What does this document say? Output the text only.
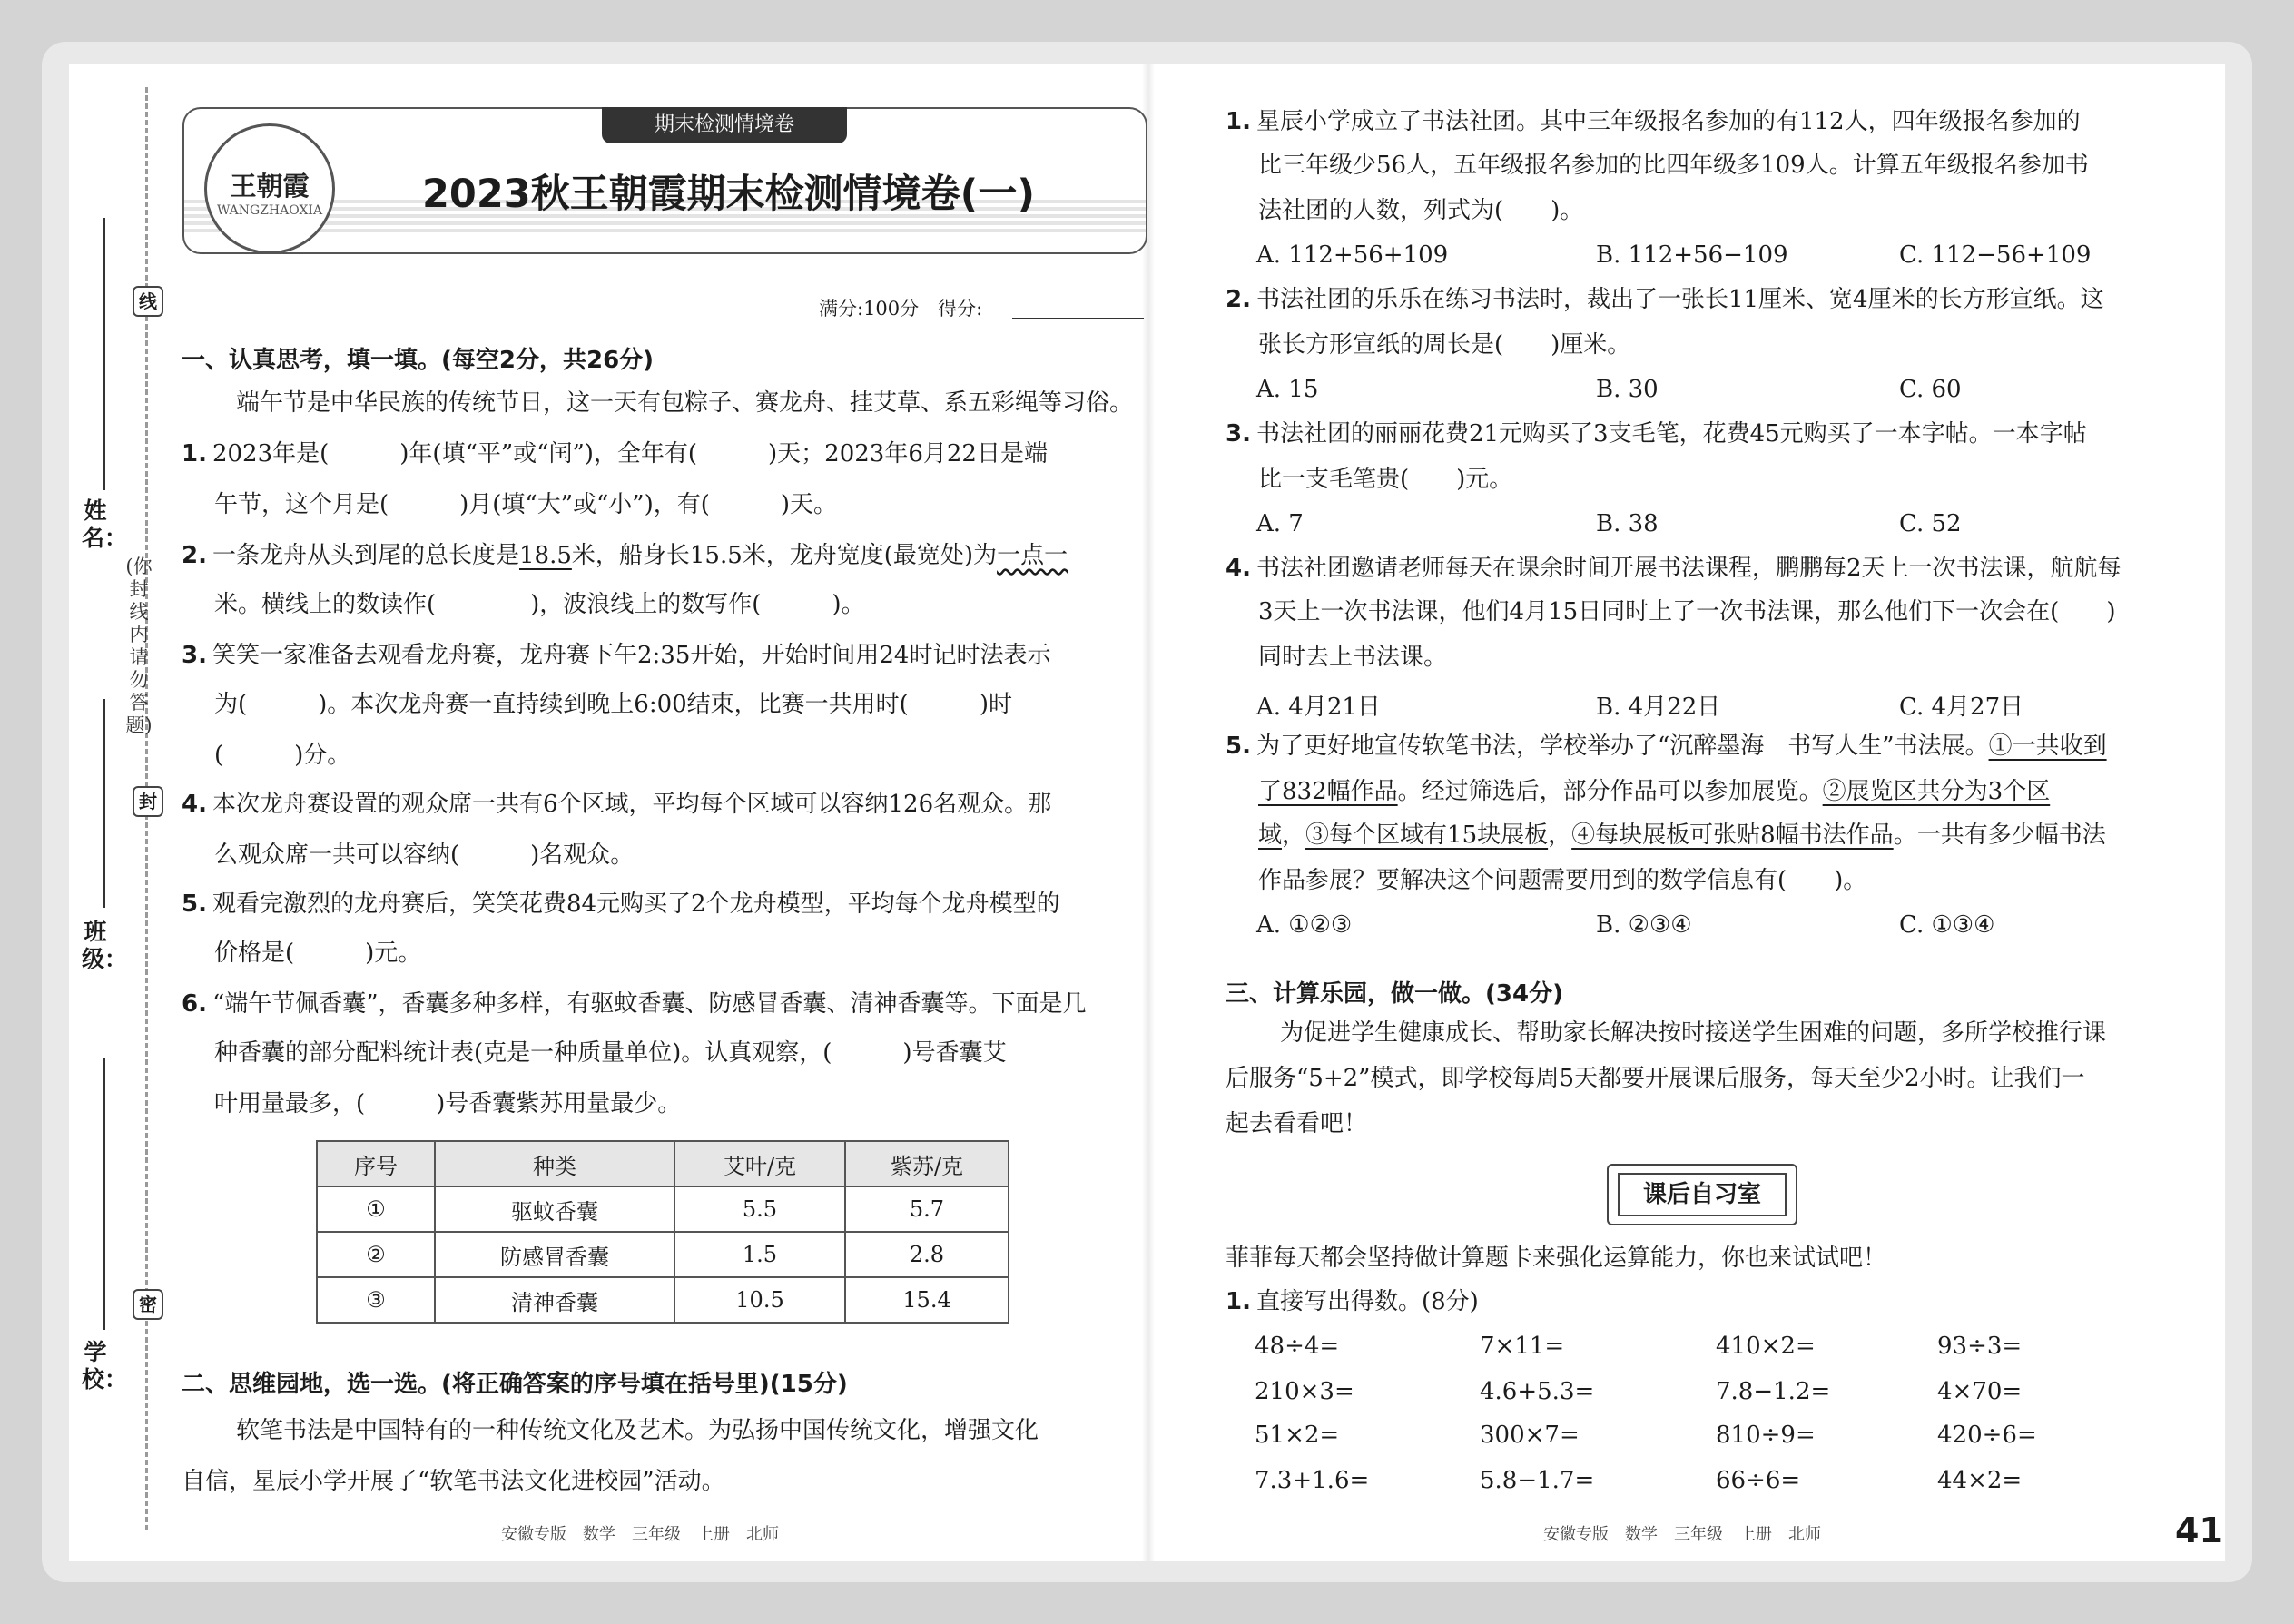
姓名：
班级：
学校：
线
封
密
(你封线内请勿答题)
期末检测情境卷
王朝霞
WANGZHAOXIA	2023秋王朝霞期末检测情境卷(一)
满分:100分　得分:
一、认真思考，填一填。(每空2分，共26分)
端午节是中华民族的传统节日，这一天有包粽子、赛龙舟、挂艾草、系五彩绳等习俗。
1. 2023年是(　　　)年(填“平”或“闰”)，全年有(　　　)天；2023年6月22日是端
午节，这个月是(　　　)月(填“大”或“小”)，有(　　　)天。
2. 一条龙舟从头到尾的总长度是18.5米，船身长15.5米，龙舟宽度(最宽处)为一点一
米。横线上的数读作(　　　　)，波浪线上的数写作(　　　)。
3. 笑笑一家准备去观看龙舟赛，龙舟赛下午2:35开始，开始时间用24时记时法表示
为(　　　)。本次龙舟赛一直持续到晚上6:00结束，比赛一共用时(　　　)时
(　　　)分。
4. 本次龙舟赛设置的观众席一共有6个区域，平均每个区域可以容纳126名观众。那
么观众席一共可以容纳(　　　)名观众。
5. 观看完激烈的龙舟赛后，笑笑花费84元购买了2个龙舟模型，平均每个龙舟模型的
价格是(　　　)元。
6. “端午节佩香囊”，香囊多种多样，有驱蚊香囊、防感冒香囊、清神香囊等。下面是几
种香囊的部分配料统计表(克是一种质量单位)。认真观察，(　　　)号香囊艾
叶用量最多，(　　　)号香囊紫苏用量最少。
序号	种类	艾叶/克	紫苏/克
①	驱蚊香囊	5.5	5.7
②	防感冒香囊	1.5	2.8
③	清神香囊	10.5	15.4
二、思维园地，选一选。(将正确答案的序号填在括号里)(15分)
软笔书法是中国特有的一种传统文化及艺术。为弘扬中国传统文化，增强文化
自信，星辰小学开展了“软笔书法文化进校园”活动。
1. 星辰小学成立了书法社团。其中三年级报名参加的有112人，四年级报名参加的
比三年级少56人，五年级报名参加的比四年级多109人。计算五年级报名参加书
法社团的人数，列式为(　　)。
A. 112+56+109	B. 112+56−109	C. 112−56+109
2. 书法社团的乐乐在练习书法时，裁出了一张长11厘米、宽4厘米的长方形宣纸。这
张长方形宣纸的周长是(　　)厘米。
A. 15	B. 30	C. 60
3. 书法社团的丽丽花费21元购买了3支毛笔，花费45元购买了一本字帖。一本字帖
比一支毛笔贵(　　)元。
A. 7	B. 38	C. 52
4. 书法社团邀请老师每天在课余时间开展书法课程，鹏鹏每2天上一次书法课，航航每
3天上一次书法课，他们4月15日同时上了一次书法课，那么他们下一次会在(　　)
同时去上书法课。
A. 4月21日	B. 4月22日	C. 4月27日
5. 为了更好地宣传软笔书法，学校举办了“沉醉墨海　书写人生”书法展。①一共收到
了832幅作品。经过筛选后，部分作品可以参加展览。②展览区共分为3个区
域，③每个区域有15块展板，④每块展板可张贴8幅书法作品。一共有多少幅书法
作品参展？要解决这个问题需要用到的数学信息有(　　)。
A. ①②③	B. ②③④	C. ①③④
三、计算乐园，做一做。(34分)
为促进学生健康成长、帮助家长解决按时接送学生困难的问题，多所学校推行课
后服务“5+2”模式，即学校每周5天都要开展课后服务，每天至少2小时。让我们一
起去看看吧！
课后自习室
菲菲每天都会坚持做计算题卡来强化运算能力，你也来试试吧！
1. 直接写出得数。(8分)
48÷4=	7×11=	410×2=	93÷3=
210×3=	4.6+5.3=	7.8−1.2=	4×70=
51×2=	300×7=	810÷9=	420÷6=
7.3+1.6=	5.8−1.7=	66÷6=	44×2=
安徽专版　数学　三年级　上册　北师	安徽专版　数学　三年级　上册　北师	41
